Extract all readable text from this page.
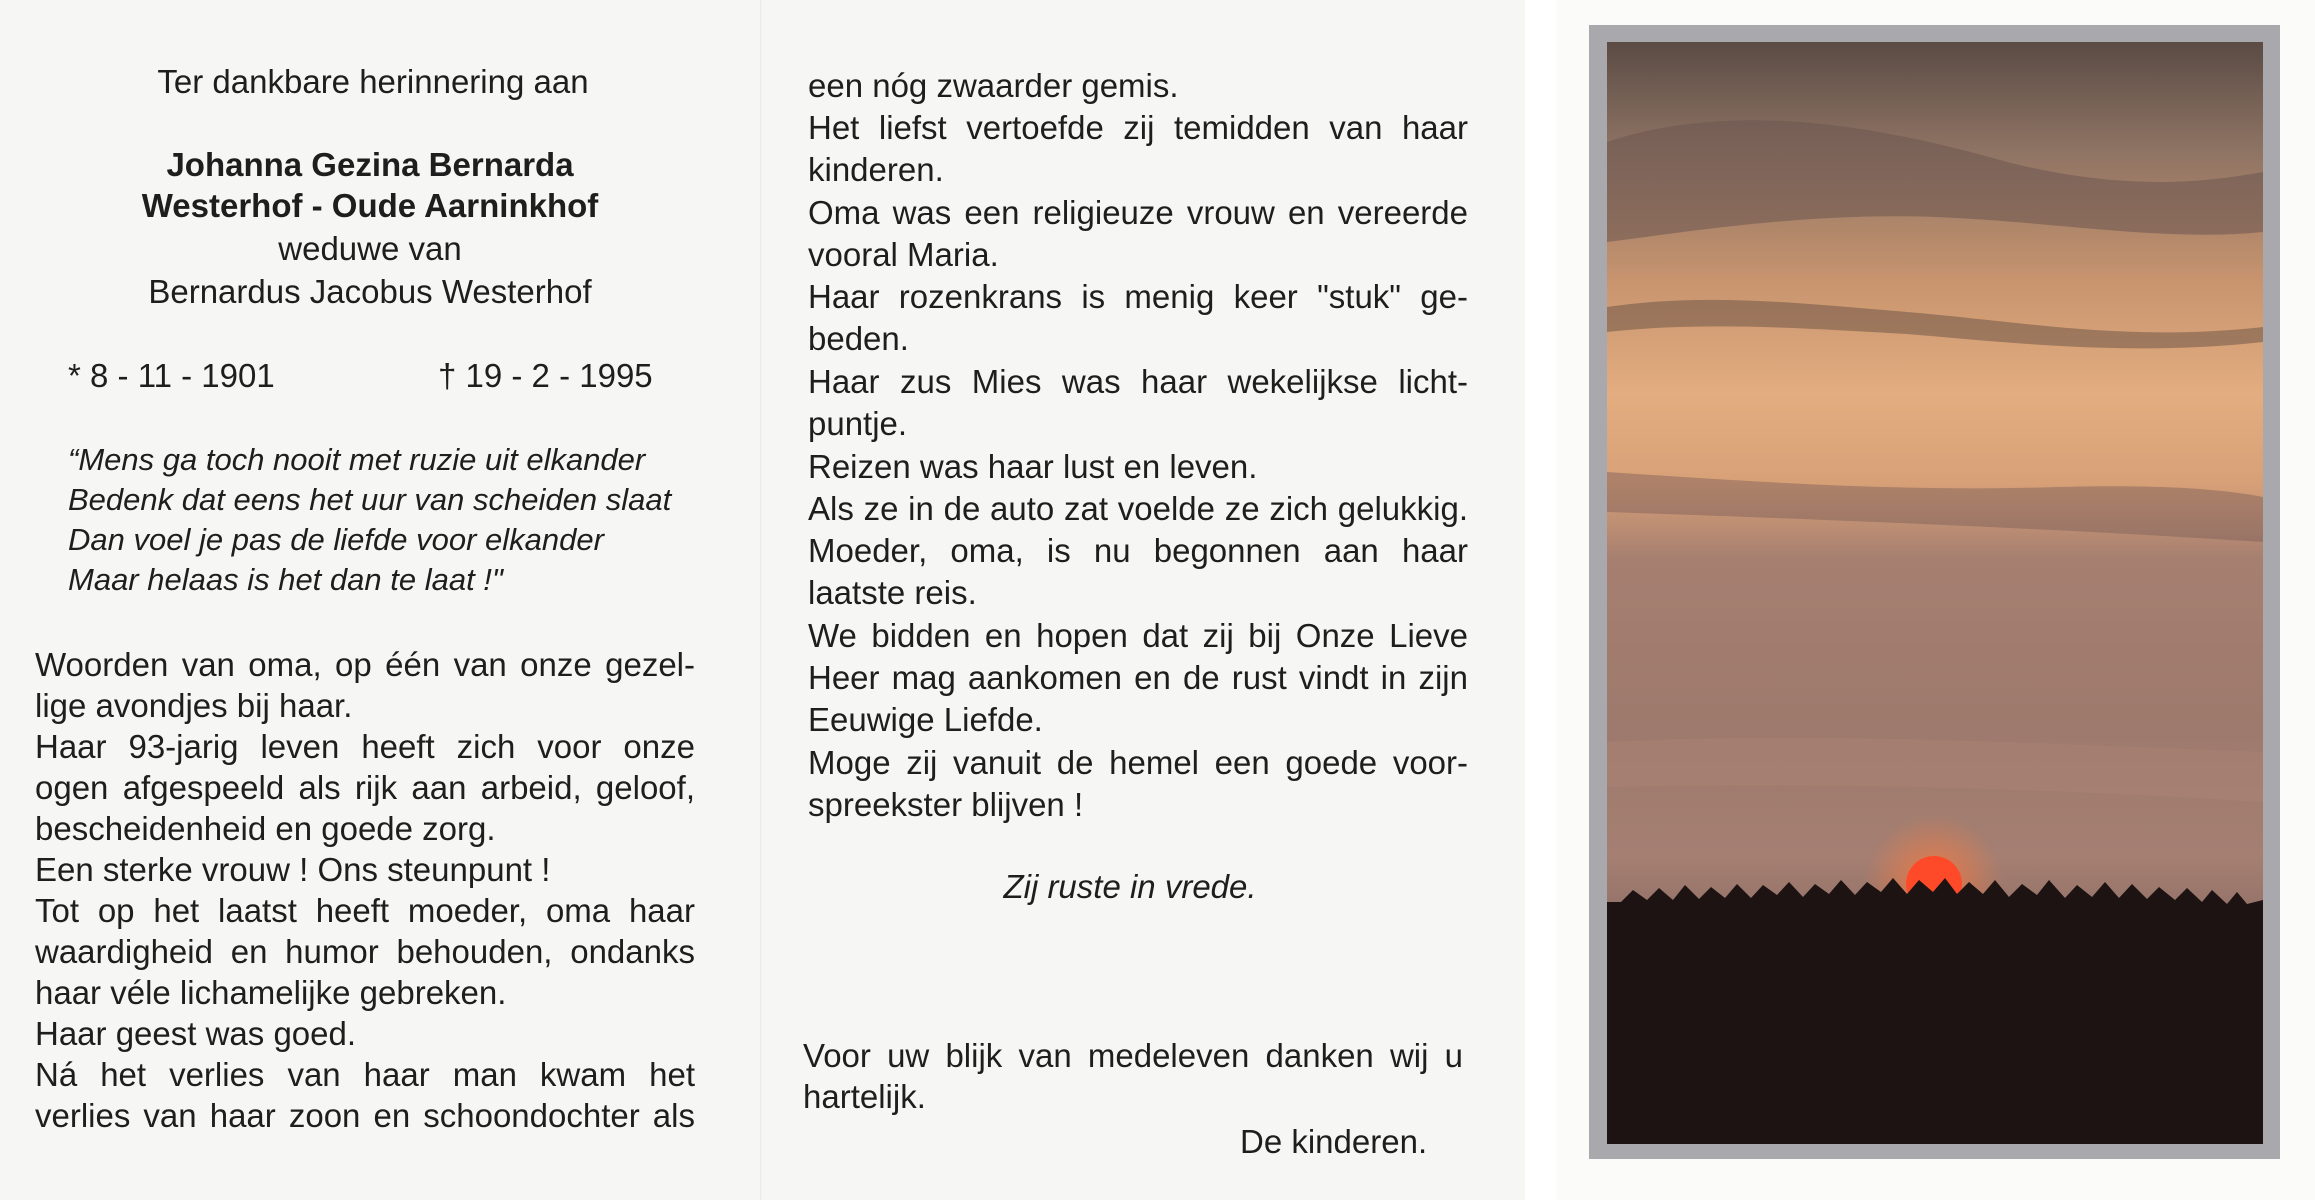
Ter dankbare herinnering aan
Johanna Gezina Bernarda
Westerhof - Oude Aarninkhof
weduwe van
Bernardus Jacobus Westerhof
* 8 - 11 - 1901	† 19 - 2 - 1995
“Mens ga toch nooit met ruzie uit elkander
Bedenk dat eens het uur van scheiden slaat
Dan voel je pas de liefde voor elkander
Maar helaas is het dan te laat !"
Woorden van oma, op één van onze gezel-
lige avondjes bij haar.
Haar 93-jarig leven heeft zich voor onze
ogen afgespeeld als rijk aan arbeid, geloof,
bescheidenheid en goede zorg.
Een sterke vrouw ! Ons steunpunt !
Tot op het laatst heeft moeder, oma haar
waardigheid en humor behouden, ondanks
haar véle lichamelijke gebreken.
Haar geest was goed.
Ná het verlies van haar man kwam het
verlies van haar zoon en schoondochter als
een nóg zwaarder gemis.
Het liefst vertoefde zij temidden van haar
kinderen.
Oma was een religieuze vrouw en vereerde
vooral Maria.
Haar rozenkrans is menig keer "stuk" ge-
beden.
Haar zus Mies was haar wekelijkse licht-
puntje.
Reizen was haar lust en leven.
Als ze in de auto zat voelde ze zich gelukkig.
Moeder, oma, is nu begonnen aan haar
laatste reis.
We bidden en hopen dat zij bij Onze Lieve
Heer mag aankomen en de rust vindt in zijn
Eeuwige Liefde.
Moge zij vanuit de hemel een goede voor-
spreekster blijven !
Zij ruste in vrede.
Voor uw blijk van medeleven danken wij u
hartelijk.
De kinderen.
